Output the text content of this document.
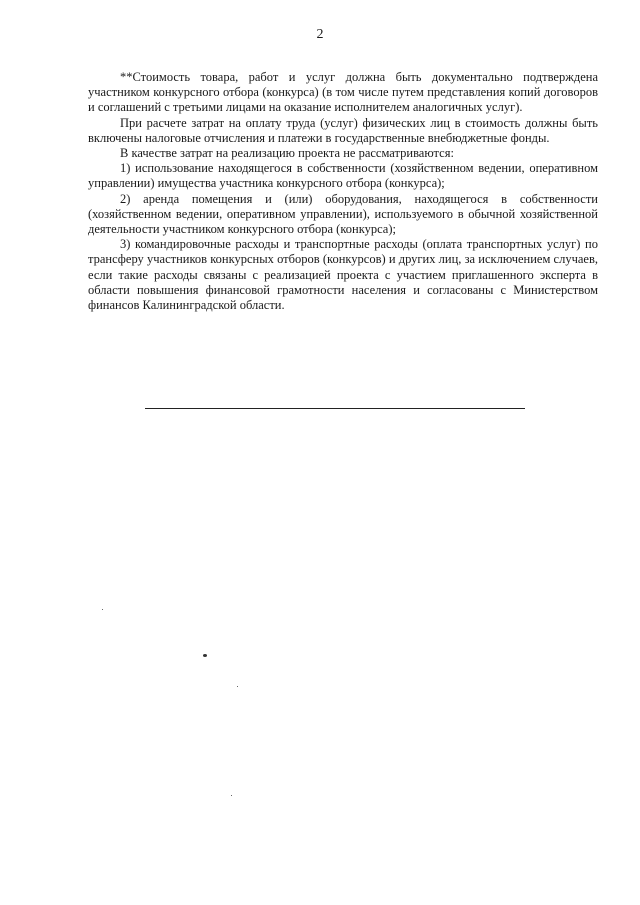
2

**Стоимость товара, работ и услуг должна быть документально подтверждена участником конкурсного отбора (конкурса) (в том числе путем представления копий договоров и соглашений с третьими лицами на оказание исполнителем аналогичных услуг).

При расчете затрат на оплату труда (услуг) физических лиц в стоимость должны быть включены налоговые отчисления и платежи в государственные внебюджетные фонды.

В качестве затрат на реализацию проекта не рассматриваются:

1) использование находящегося в собственности (хозяйственном ведении, оперативном управлении) имущества участника конкурсного отбора (конкурса);

2) аренда помещения и (или) оборудования, находящегося в собственности (хозяйственном ведении, оперативном управлении), используемого в обычной хозяйственной деятельности участником конкурсного отбора (конкурса);

3) командировочные расходы и транспортные расходы (оплата транспортных услуг) по трансферу участников конкурсных отборов (конкурсов) и других лиц, за исключением случаев, если такие расходы связаны с реализацией проекта с участием приглашенного эксперта в области повышения финансовой грамотности населения и согласованы с Министерством финансов Калининградской области.
